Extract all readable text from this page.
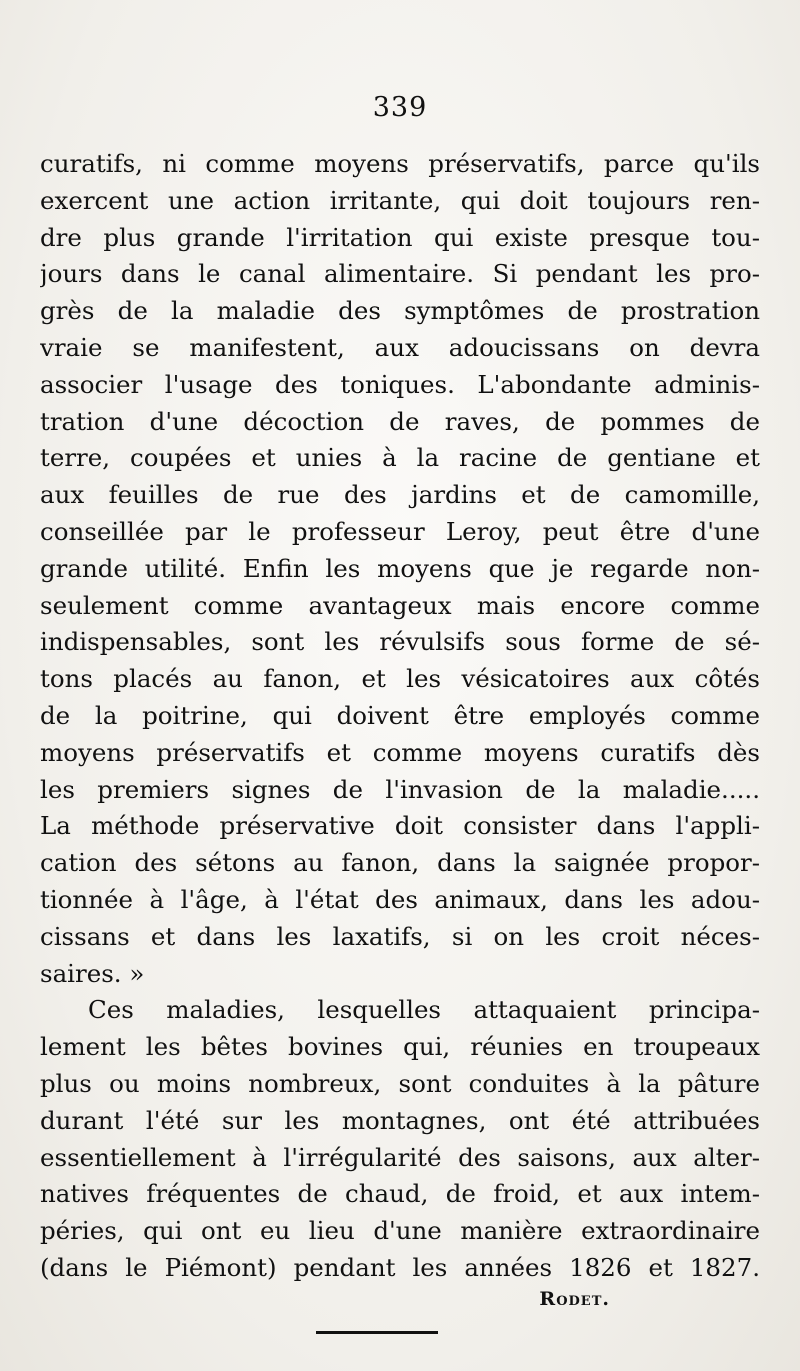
339
curatifs, ni comme moyens préservatifs, parce qu'ils
exercent une action irritante, qui doit toujours ren-
dre plus grande l'irritation qui existe presque tou-
jours dans le canal alimentaire. Si pendant les pro-
grès de la maladie des symptômes de prostration
vraie se manifestent, aux adoucissans on devra
associer l'usage des toniques. L'abondante adminis-
tration d'une décoction de raves, de pommes de
terre, coupées et unies à la racine de gentiane et
aux feuilles de rue des jardins et de camomille,
conseillée par le professeur Leroy, peut être d'une
grande utilité. Enfin les moyens que je regarde non-
seulement comme avantageux mais encore comme
indispensables, sont les révulsifs sous forme de sé-
tons placés au fanon, et les vésicatoires aux côtés
de la poitrine, qui doivent être employés comme
moyens préservatifs et comme moyens curatifs dès
les premiers signes de l'invasion de la maladie.....
La méthode préservative doit consister dans l'appli-
cation des sétons au fanon, dans la saignée propor-
tionnée à l'âge, à l'état des animaux, dans les adou-
cissans et dans les laxatifs, si on les croit néces-
saires. »
Ces maladies, lesquelles attaquaient principa-
lement les bêtes bovines qui, réunies en troupeaux
plus ou moins nombreux, sont conduites à la pâture
durant l'été sur les montagnes, ont été attribuées
essentiellement à l'irrégularité des saisons, aux alter-
natives fréquentes de chaud, de froid, et aux intem-
péries, qui ont eu lieu d'une manière extraordinaire
(dans le Piémont) pendant les années 1826 et 1827.
Rodet.
